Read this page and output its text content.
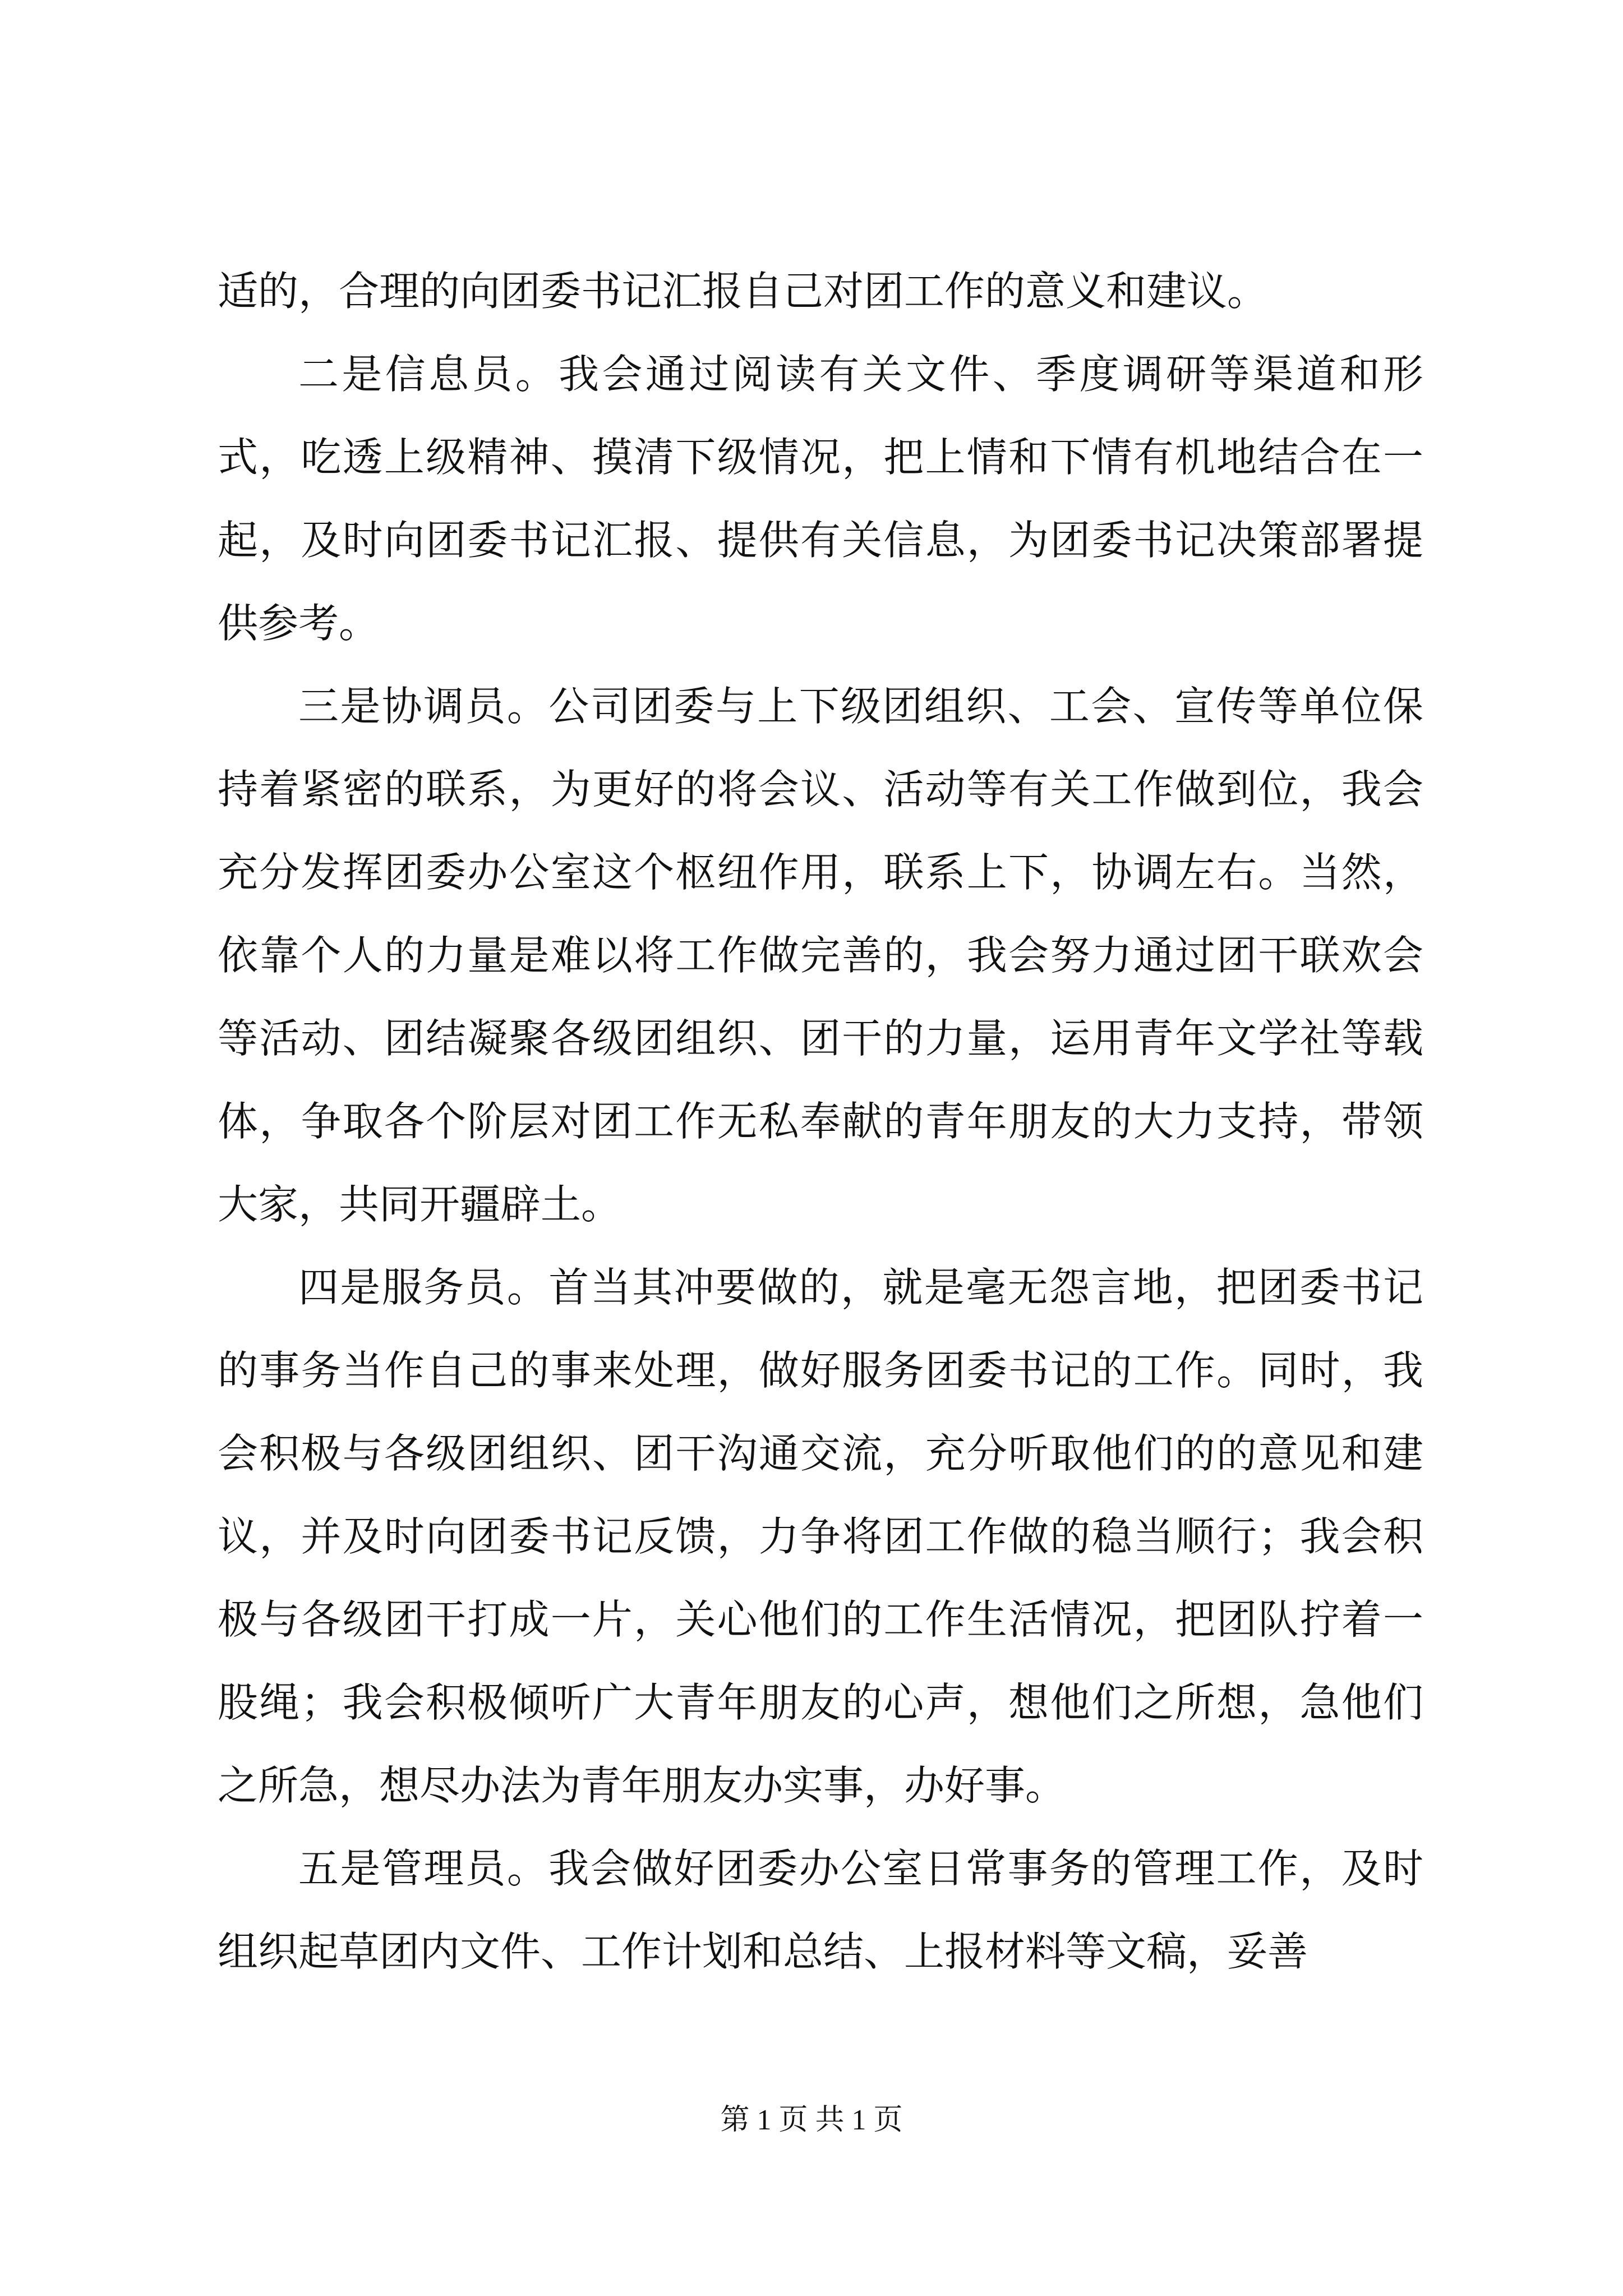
适的，合理的向团委书记汇报自己对团工作的意义和建议。

二是信息员。我会通过阅读有关文件、季度调研等渠道和形式，吃透上级精神、摸清下级情况，把上情和下情有机地结合在一起，及时向团委书记汇报、提供有关信息，为团委书记决策部署提供参考。

三是协调员。公司团委与上下级团组织、工会、宣传等单位保持着紧密的联系，为更好的将会议、活动等有关工作做到位，我会充分发挥团委办公室这个枢纽作用，联系上下，协调左右。当然，依靠个人的力量是难以将工作做完善的，我会努力通过团干联欢会等活动、团结凝聚各级团组织、团干的力量，运用青年文学社等载体，争取各个阶层对团工作无私奉献的青年朋友的大力支持，带领大家，共同开疆辟土。

四是服务员。首当其冲要做的，就是毫无怨言地，把团委书记的事务当作自己的事来处理，做好服务团委书记的工作。同时，我会积极与各级团组织、团干沟通交流，充分听取他们的的意见和建议，并及时向团委书记反馈，力争将团工作做的稳当顺行；我会积极与各级团干打成一片，关心他们的工作生活情况，把团队拧着一股绳；我会积极倾听广大青年朋友的心声，想他们之所想，急他们之所急，想尽办法为青年朋友办实事，办好事。

五是管理员。我会做好团委办公室日常事务的管理工作，及时组织起草团内文件、工作计划和总结、上报材料等文稿，妥善

第 1 页 共 1 页
